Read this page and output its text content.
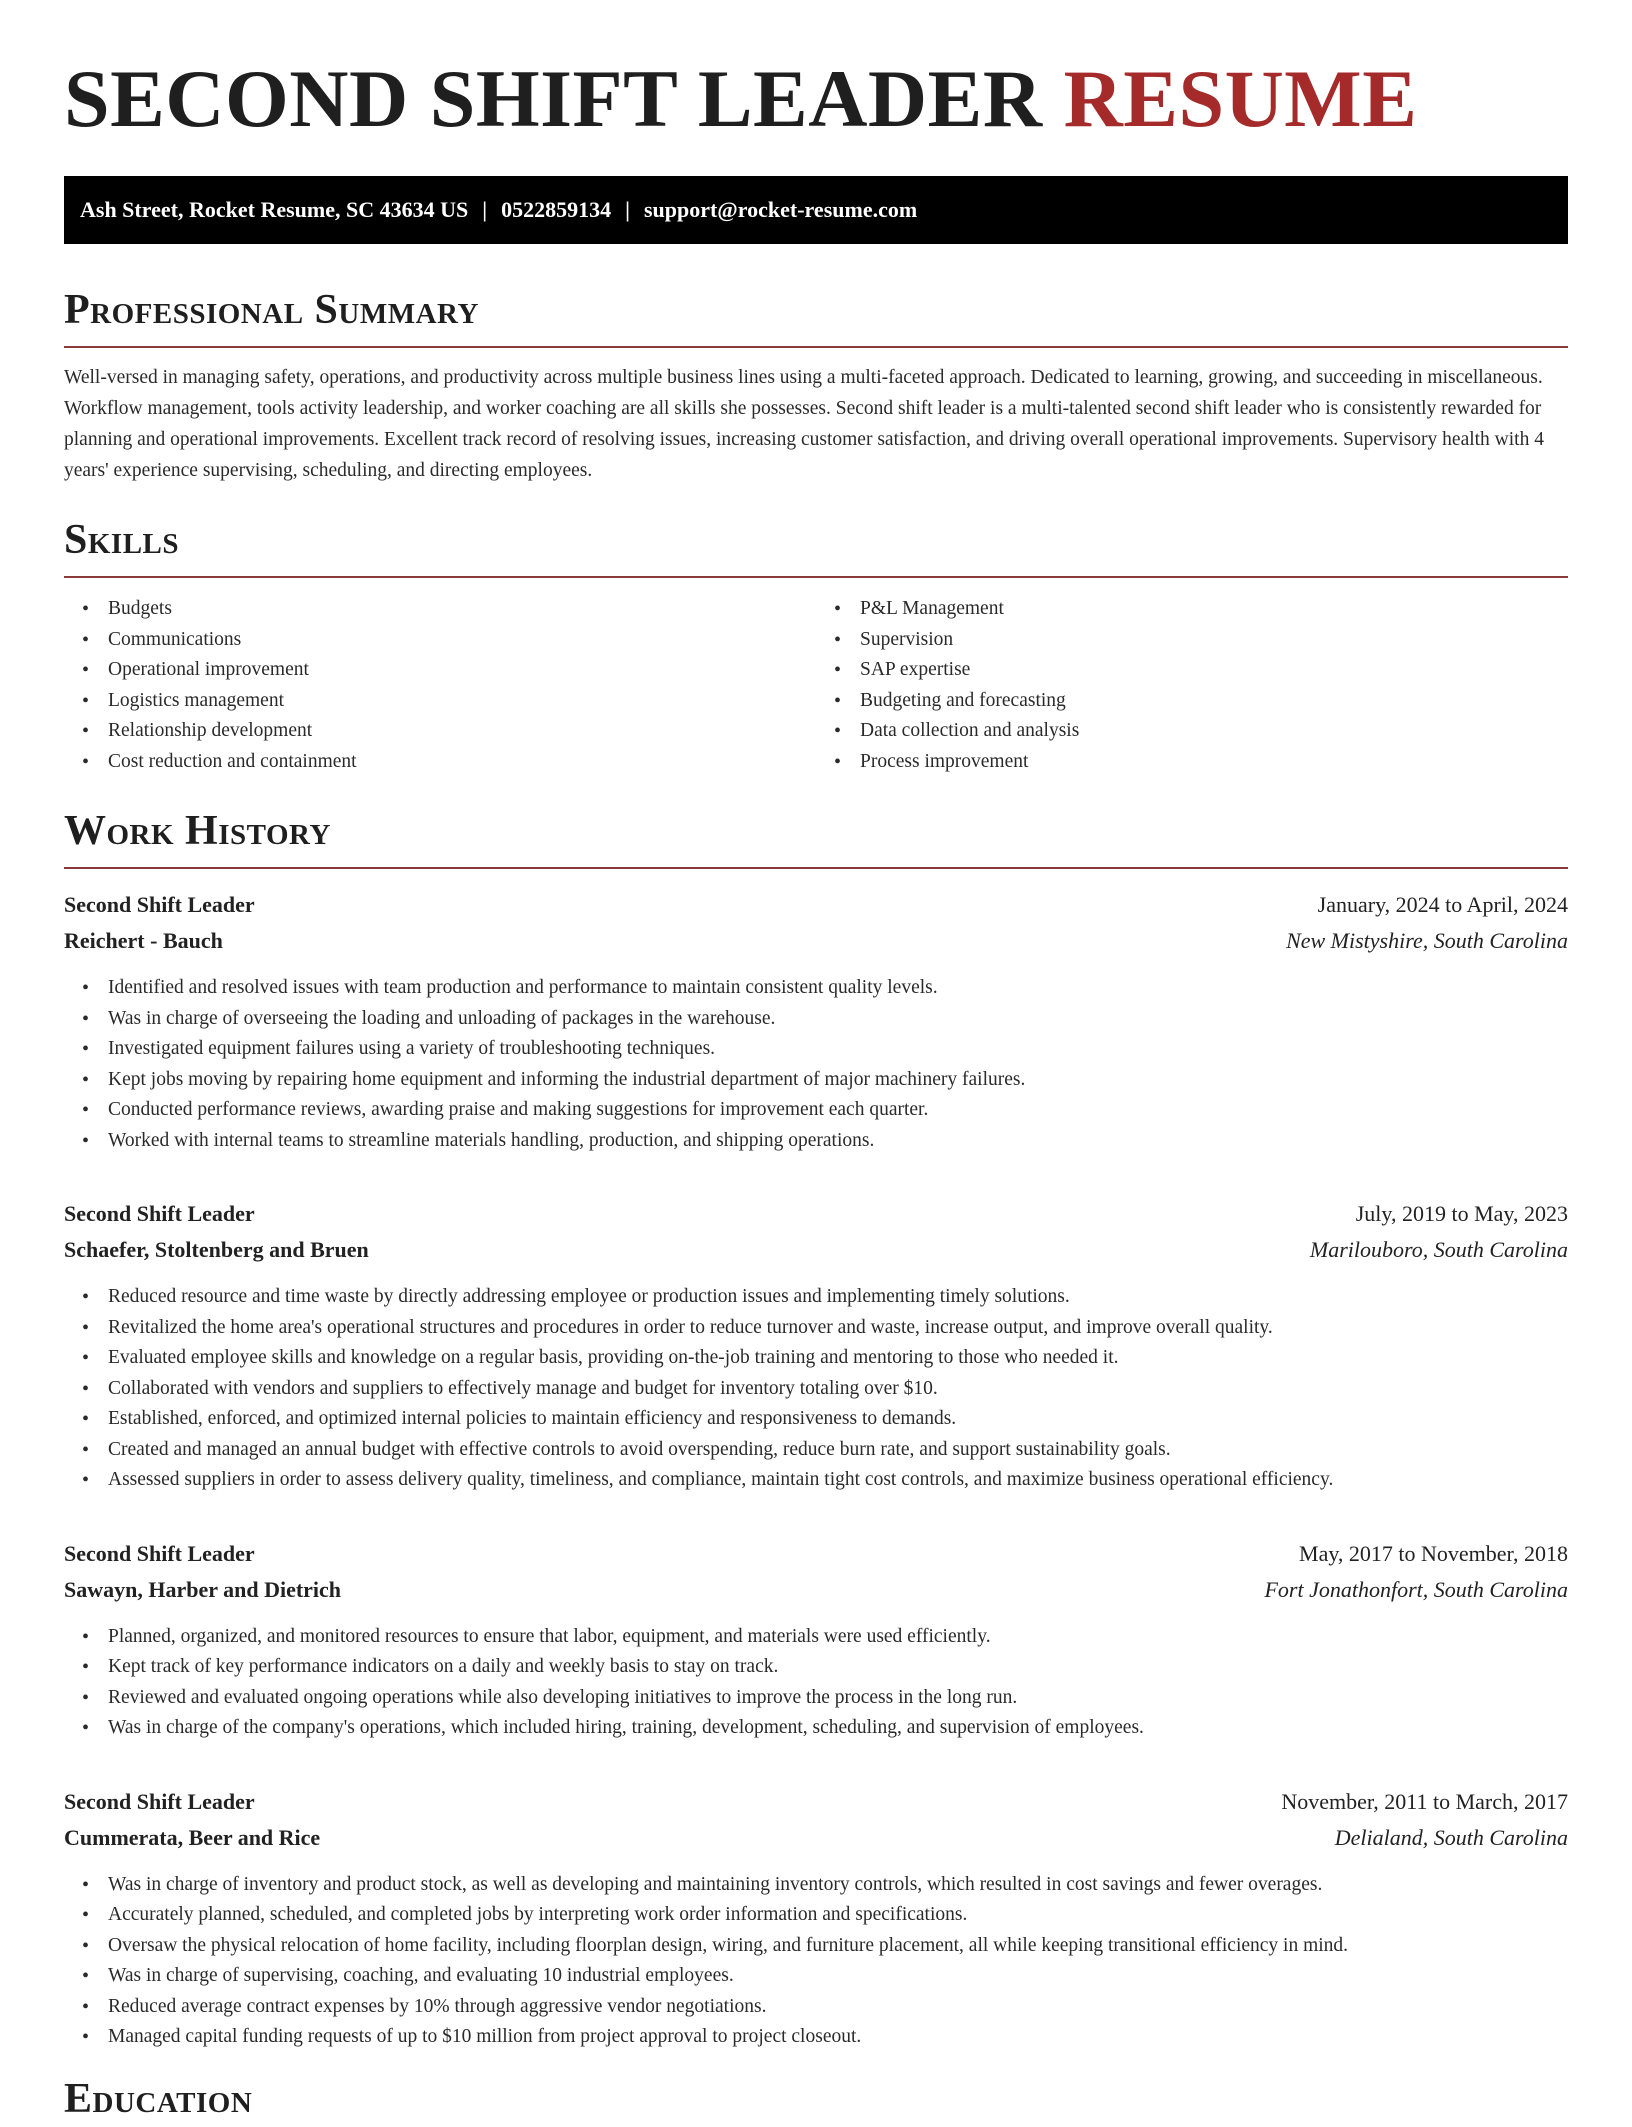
SECOND SHIFT LEADER RESUME
Ash Street, Rocket Resume, SC 43634 US | 0522859134 | support@rocket-resume.com
Professional Summary

Well-versed in managing safety, operations, and productivity across multiple business lines using a multi-faceted approach. Dedicated to learning, growing, and succeeding in miscellaneous. Workflow management, tools activity leadership, and worker coaching are all skills she possesses. Second shift leader is a multi-talented second shift leader who is consistently rewarded for planning and operational improvements. Excellent track record of resolving issues, increasing customer satisfaction, and driving overall operational improvements. Supervisory health with 4 years' experience supervising, scheduling, and directing employees.

Skills
• Budgets
• Communications
• Operational improvement
• Logistics management
• Relationship development
• Cost reduction and containment
• P&L Management
• Supervision
• SAP expertise
• Budgeting and forecasting
• Data collection and analysis
• Process improvement
Work History
Second Shift Leader	January, 2024 to April, 2024
Reichert - Bauch	New Mistyshire, South Carolina
• Identified and resolved issues with team production and performance to maintain consistent quality levels.
• Was in charge of overseeing the loading and unloading of packages in the warehouse.
• Investigated equipment failures using a variety of troubleshooting techniques.
• Kept jobs moving by repairing home equipment and informing the industrial department of major machinery failures.
• Conducted performance reviews, awarding praise and making suggestions for improvement each quarter.
• Worked with internal teams to streamline materials handling, production, and shipping operations.
Second Shift Leader	July, 2019 to May, 2023
Schaefer, Stoltenberg and Bruen	Marilouboro, South Carolina
• Reduced resource and time waste by directly addressing employee or production issues and implementing timely solutions.
• Revitalized the home area's operational structures and procedures in order to reduce turnover and waste, increase output, and improve overall quality.
• Evaluated employee skills and knowledge on a regular basis, providing on-the-job training and mentoring to those who needed it.
• Collaborated with vendors and suppliers to effectively manage and budget for inventory totaling over $10.
• Established, enforced, and optimized internal policies to maintain efficiency and responsiveness to demands.
• Created and managed an annual budget with effective controls to avoid overspending, reduce burn rate, and support sustainability goals.
• Assessed suppliers in order to assess delivery quality, timeliness, and compliance, maintain tight cost controls, and maximize business operational efficiency.
Second Shift Leader	May, 2017 to November, 2018
Sawayn, Harber and Dietrich	Fort Jonathonfort, South Carolina
• Planned, organized, and monitored resources to ensure that labor, equipment, and materials were used efficiently.
• Kept track of key performance indicators on a daily and weekly basis to stay on track.
• Reviewed and evaluated ongoing operations while also developing initiatives to improve the process in the long run.
• Was in charge of the company's operations, which included hiring, training, development, scheduling, and supervision of employees.
Second Shift Leader	November, 2011 to March, 2017
Cummerata, Beer and Rice	Delialand, South Carolina
• Was in charge of inventory and product stock, as well as developing and maintaining inventory controls, which resulted in cost savings and fewer overages.
• Accurately planned, scheduled, and completed jobs by interpreting work order information and specifications.
• Oversaw the physical relocation of home facility, including floorplan design, wiring, and furniture placement, all while keeping transitional efficiency in mind.
• Was in charge of supervising, coaching, and evaluating 10 industrial employees.
• Reduced average contract expenses by 10% through aggressive vendor negotiations.
• Managed capital funding requests of up to $10 million from project approval to project closeout.
Education
